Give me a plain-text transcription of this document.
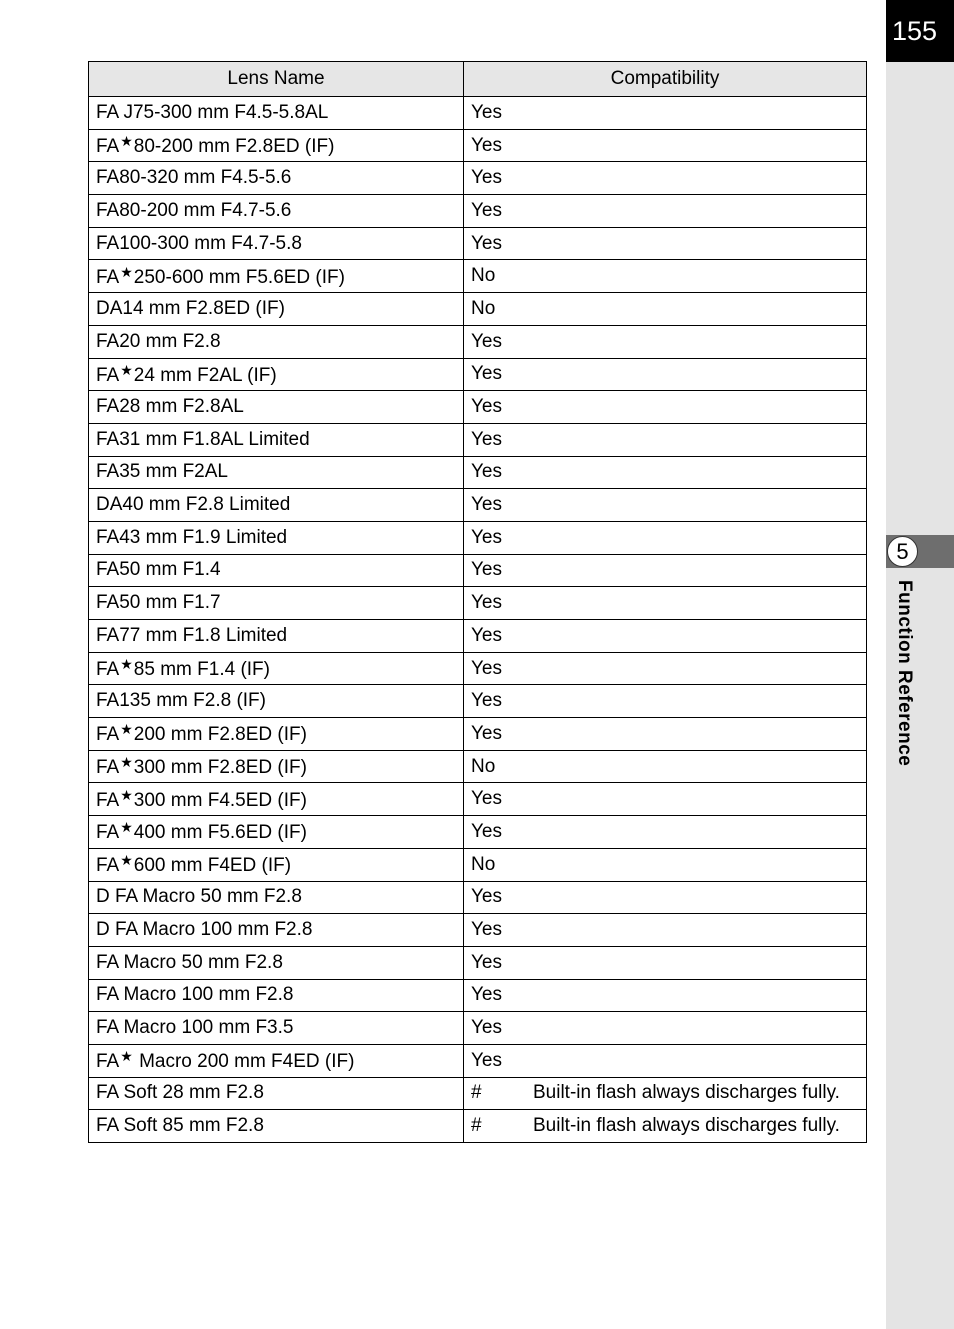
155
5
Function Reference
Lens Name	Compatibility
FA J75-300 mm F4.5-5.8AL	Yes
FA★80-200 mm F2.8ED (IF)	Yes
FA80-320 mm F4.5-5.6	Yes
FA80-200 mm F4.7-5.6	Yes
FA100-300 mm F4.7-5.8	Yes
FA★250-600 mm F5.6ED (IF)	No
DA14 mm F2.8ED (IF)	No
FA20 mm F2.8	Yes
FA★24 mm F2AL (IF)	Yes
FA28 mm F2.8AL	Yes
FA31 mm F1.8AL Limited	Yes
FA35 mm F2AL	Yes
DA40 mm F2.8 Limited	Yes
FA43 mm F1.9 Limited	Yes
FA50 mm F1.4	Yes
FA50 mm F1.7	Yes
FA77 mm F1.8 Limited	Yes
FA★85 mm F1.4 (IF)	Yes
FA135 mm F2.8 (IF)	Yes
FA★200 mm F2.8ED (IF)	Yes
FA★300 mm F2.8ED (IF)	No
FA★300 mm F4.5ED (IF)	Yes
FA★400 mm F5.6ED (IF)	Yes
FA★600 mm F4ED (IF)	No
D FA Macro 50 mm F2.8	Yes
D FA Macro 100 mm F2.8	Yes
FA Macro 50 mm F2.8	Yes
FA Macro 100 mm F2.8	Yes
FA Macro 100 mm F3.5	Yes
FA★ Macro 200 mm F4ED (IF)	Yes
FA Soft 28 mm F2.8	# Built-in flash always discharges fully.
FA Soft 85 mm F2.8	# Built-in flash always discharges fully.
